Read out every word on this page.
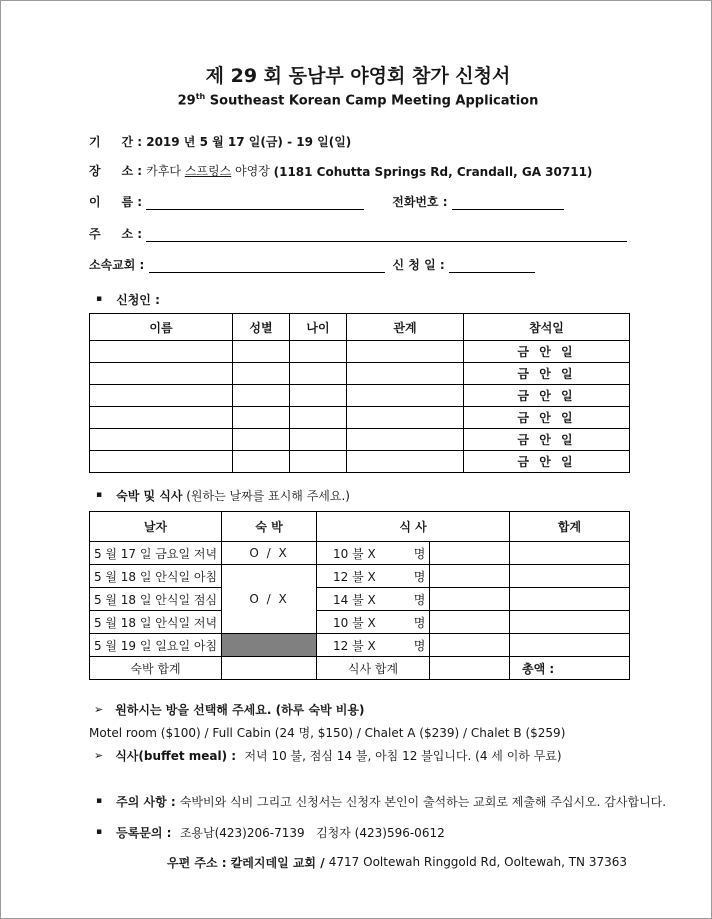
제 29 회 동남부 야영회 참가 신청서
29th Southeast Korean Camp Meeting Application
기     간 : 2019 년 5 월 17 일(금) - 19 일(일)
장     소 : 카후다 스프링스 야영장 (1181 Cohutta Springs Rd, Crandall, GA 30711)
이     름 :	전화번호 :
주     소 :
소속교회 :	신 청 일 :
▪ 신청인 :
이름	성별	나이	관계	참석일
				금 안 일
				금 안 일
				금 안 일
				금 안 일
				금 안 일
				금 안 일
▪ 숙박 및 식사 (원하는 날짜를 표시해 주세요.)
날자	숙 박	식 사		합계
5 월 17 일 금요일 저녁	O / X	10 불 X 명		

5 월 18 일 안식일 아침	O / X	12 불 X 명		

5 월 18 일 안식일 점심		14 불 X 명		

5 월 18 일 안식일 저녁		10 불 X 명		

5 월 19 일 일요일 아침		12 불 X 명		

숙박 합계		식사 합계		총액 :
➢ 원하시는 방을 선택해 주세요. (하루 숙박 비용)
Motel room ($100) / Full Cabin (24 명, $150) / Chalet A ($239) / Chalet B ($259)
➢ 식사(buffet meal) : 저녁 10 불, 점심 14 불, 아침 12 불입니다. (4 세 이하 무료)
▪ 주의 사항 : 숙박비와 식비 그리고 신청서는 신청자 본인이 출석하는 교회로 제출해 주십시오. 감사합니다.
▪ 등록문의 : 조용남(423)206-7139
김청자 (423)596-0612
우편 주소 : 칼레지데일 교회 / 4717 Ooltewah Ringgold Rd, Ooltewah, TN 37363
